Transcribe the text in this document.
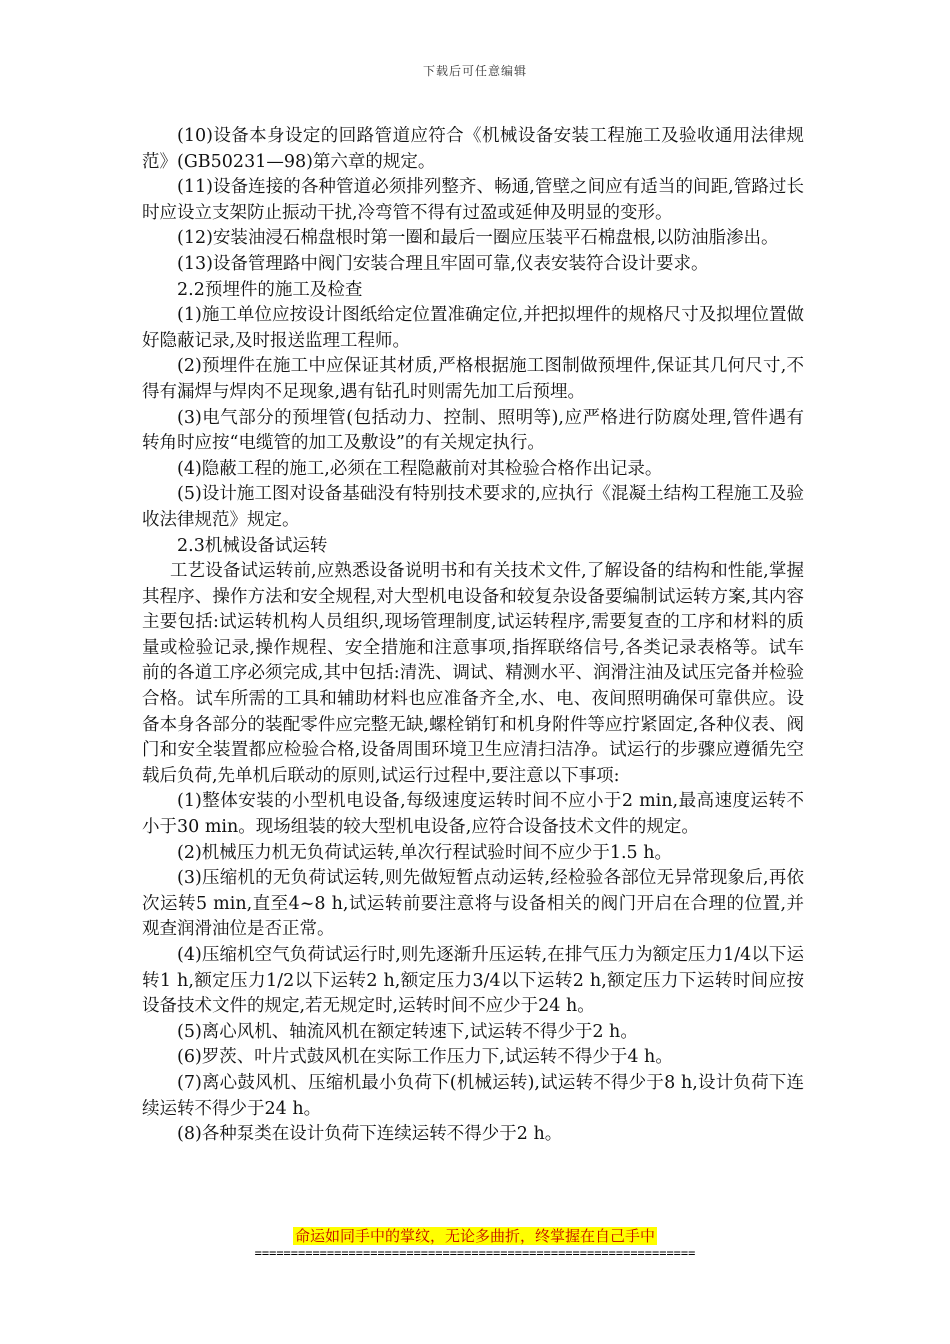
下载后可任意编辑

(10)设备本身设定的回路管道应符合《机械设备安装工程施工及验收通用法律规范》(GB50231—98)第六章的规定。

(11)设备连接的各种管道必须排列整齐、畅通,管壁之间应有适当的间距,管路过长时应设立支架防止振动干扰,冷弯管不得有过盈或延伸及明显的变形。

(12)安装油浸石棉盘根时第一圈和最后一圈应压装平石棉盘根,以防油脂渗出。

(13)设备管理路中阀门安装合理且牢固可靠,仪表安装符合设计要求。

2.2预埋件的施工及检查

(1)施工单位应按设计图纸给定位置准确定位,并把拟埋件的规格尺寸及拟埋位置做好隐蔽记录,及时报送监理工程师。

(2)预埋件在施工中应保证其材质,严格根据施工图制做预埋件,保证其几何尺寸,不得有漏焊与焊肉不足现象,遇有钻孔时则需先加工后预埋。

(3)电气部分的预埋管(包括动力、控制、照明等),应严格进行防腐处理,管件遇有转角时应按“电缆管的加工及敷设”的有关规定执行。

(4)隐蔽工程的施工,必须在工程隐蔽前对其检验合格作出记录。

(5)设计施工图对设备基础没有特别技术要求的,应执行《混凝土结构工程施工及验收法律规范》规定。

2.3机械设备试运转

工艺设备试运转前,应熟悉设备说明书和有关技术文件,了解设备的结构和性能,掌握其程序、操作方法和安全规程,对大型机电设备和较复杂设备要编制试运转方案,其内容主要包括:试运转机构人员组织,现场管理制度,试运转程序,需要复查的工序和材料的质量或检验记录,操作规程、安全措施和注意事项,指挥联络信号,各类记录表格等。试车前的各道工序必须完成,其中包括:清洗、调试、精测水平、润滑注油及试压完备并检验合格。试车所需的工具和辅助材料也应准备齐全,水、电、夜间照明确保可靠供应。设备本身各部分的装配零件应完整无缺,螺栓销钉和机身附件等应拧紧固定,各种仪表、阀门和安全装置都应检验合格,设备周围环境卫生应清扫洁净。试运行的步骤应遵循先空载后负荷,先单机后联动的原则,试运行过程中,要注意以下事项:

(1)整体安装的小型机电设备,每级速度运转时间不应小于2 min,最高速度运转不小于30 min。现场组装的较大型机电设备,应符合设备技术文件的规定。

(2)机械压力机无负荷试运转,单次行程试验时间不应少于1.5 h。

(3)压缩机的无负荷试运转,则先做短暂点动运转,经检验各部位无异常现象后,再依次运转5 min,直至4~8 h,试运转前要注意将与设备相关的阀门开启在合理的位置,并观查润滑油位是否正常。

(4)压缩机空气负荷试运行时,则先逐渐升压运转,在排气压力为额定压力1/4以下运转1 h,额定压力1/2以下运转2 h,额定压力3/4以下运转2 h,额定压力下运转时间应按设备技术文件的规定,若无规定时,运转时间不应少于24 h。

(5)离心风机、轴流风机在额定转速下,试运转不得少于2 h。

(6)罗茨、叶片式鼓风机在实际工作压力下,试运转不得少于4 h。

(7)离心鼓风机、压缩机最小负荷下(机械运转),试运转不得少于8 h,设计负荷下连续运转不得少于24 h。

(8)各种泵类在设计负荷下连续运转不得少于2 h。

命运如同手中的掌纹，无论多曲折，终掌握在自己手中
=============================================================
